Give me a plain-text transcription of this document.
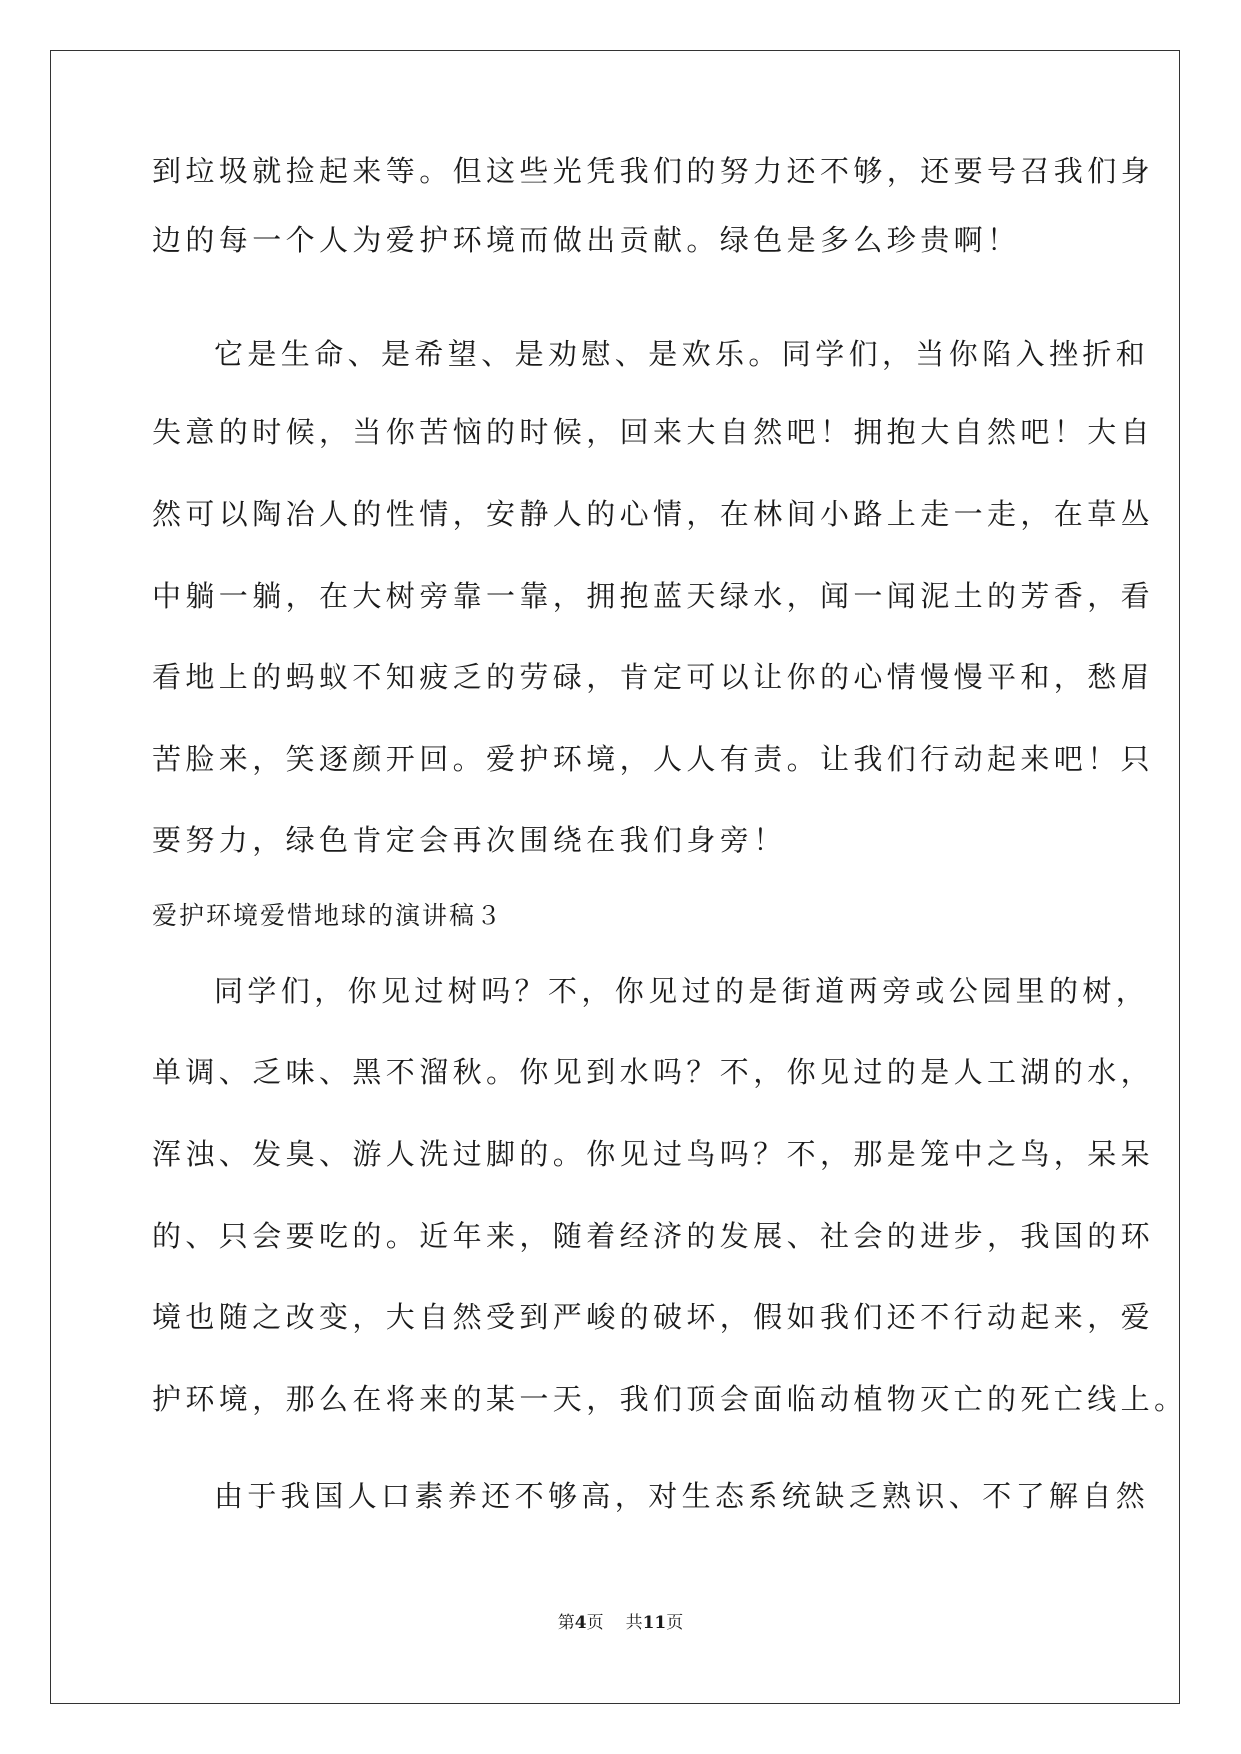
到垃圾就捡起来等。但这些光凭我们的努力还不够，还要号召我们身
边的每一个人为爱护环境而做出贡献。绿色是多么珍贵啊！
它是生命、是希望、是劝慰、是欢乐。同学们，当你陷入挫折和
失意的时候，当你苦恼的时候，回来大自然吧！拥抱大自然吧！大自
然可以陶冶人的性情，安静人的心情，在林间小路上走一走，在草丛
中躺一躺，在大树旁靠一靠，拥抱蓝天绿水，闻一闻泥土的芳香，看
看地上的蚂蚁不知疲乏的劳碌，肯定可以让你的心情慢慢平和，愁眉
苦脸来，笑逐颜开回。爱护环境，人人有责。让我们行动起来吧！只
要努力，绿色肯定会再次围绕在我们身旁！
爱护环境爱惜地球的演讲稿３
同学们，你见过树吗？不，你见过的是街道两旁或公园里的树，
单调、乏味、黑不溜秋。你见到水吗？不，你见过的是人工湖的水，
浑浊、发臭、游人洗过脚的。你见过鸟吗？不，那是笼中之鸟，呆呆
的、只会要吃的。近年来，随着经济的发展、社会的进步，我国的环
境也随之改变，大自然受到严峻的破坏，假如我们还不行动起来，爱
护环境，那么在将来的某一天，我们顶会面临动植物灭亡的死亡线上。
由于我国人口素养还不够高，对生态系统缺乏熟识、不了解自然
第4页 共11页
